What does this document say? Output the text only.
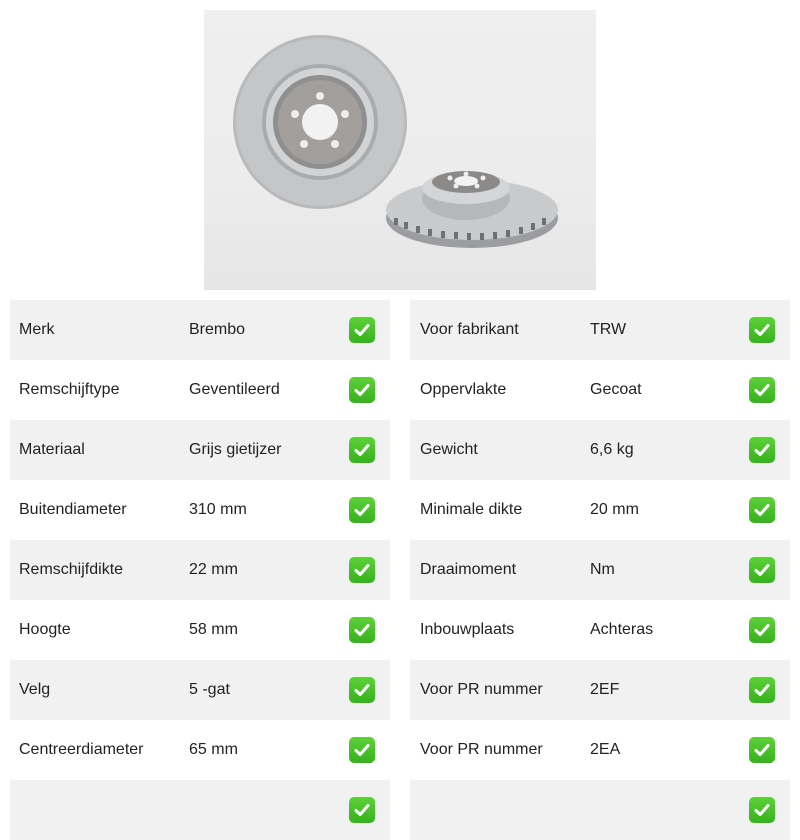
Merk	Brembo
Remschijftype	Geventileerd
Materiaal	Grijs gietijzer
Buitendiameter	310 mm
Remschijfdikte	22 mm
Hoogte	58 mm
Velg	5 -gat
Centreerdiameter	65 mm
Voor fabrikant	TRW
Oppervlakte	Gecoat
Gewicht	6,6 kg
Minimale dikte	20 mm
Draaimoment	Nm
Inbouwplaats	Achteras
Voor PR nummer	2EF
Voor PR nummer	2EA
